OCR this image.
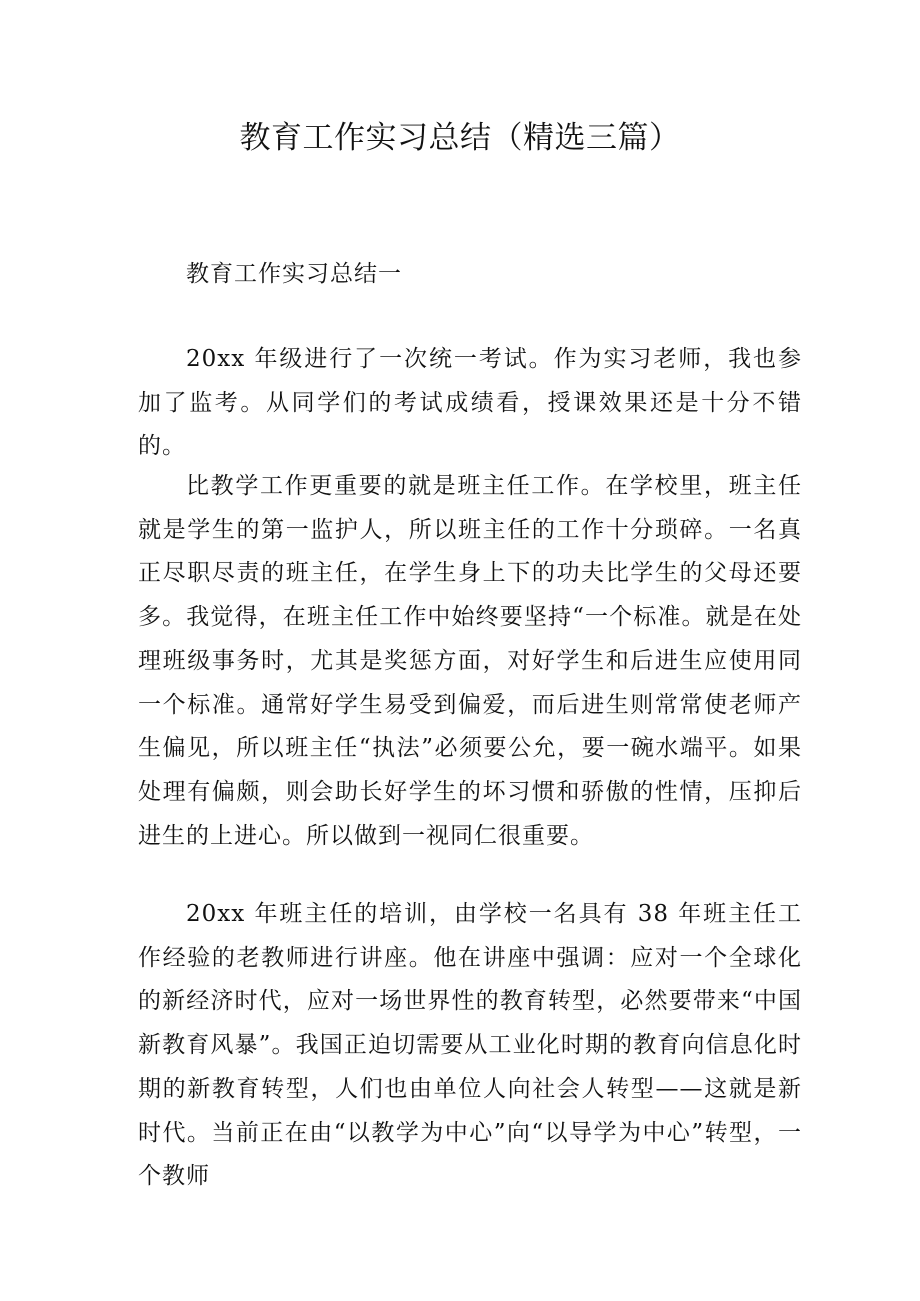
教育工作实习总结（精选三篇）
教育工作实习总结一

20xx 年级进行了一次统一考试。作为实习老师，我也参加了监考。从同学们的考试成绩看，授课效果还是十分不错的。

比教学工作更重要的就是班主任工作。在学校里，班主任就是学生的第一监护人，所以班主任的工作十分琐碎。一名真正尽职尽责的班主任，在学生身上下的功夫比学生的父母还要多。我觉得，在班主任工作中始终要坚持“一个标准。就是在处理班级事务时，尤其是奖惩方面，对好学生和后进生应使用同一个标准。通常好学生易受到偏爱，而后进生则常常使老师产生偏见，所以班主任“执法”必须要公允，要一碗水端平。如果处理有偏颇，则会助长好学生的坏习惯和骄傲的性情，压抑后进生的上进心。所以做到一视同仁很重要。

20xx 年班主任的培训，由学校一名具有 38 年班主任工作经验的老教师进行讲座。他在讲座中强调：应对一个全球化的新经济时代，应对一场世界性的教育转型，必然要带来“中国新教育风暴”。我国正迫切需要从工业化时期的教育向信息化时期的新教育转型，人们也由单位人向社会人转型——这就是新时代。当前正在由“以教学为中心”向“以导学为中心”转型，一个教师
